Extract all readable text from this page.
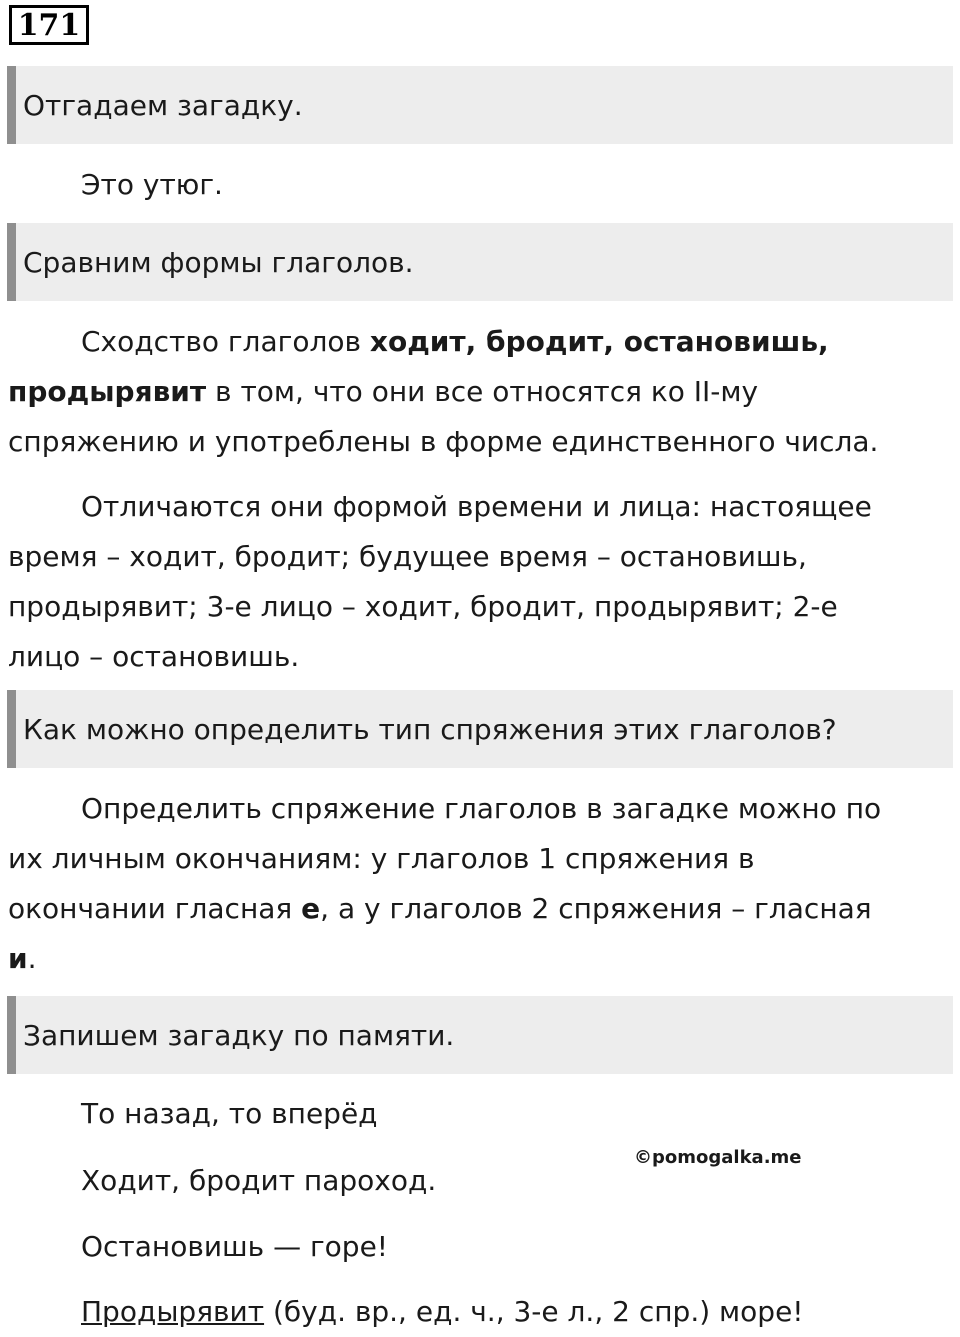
171
Отгадаем загадку.
Это утюг.
Сравним формы глаголов.

Сходство глаголов ходит, бродит, остановишь,

продырявит в том, что они все относятся ко II-му

спряжению и употреблены в форме единственного числа.

Отличаются они формой времени и лица: настоящее

время – ходит, бродит; будущее время – остановишь,

продырявит; 3-е лицо – ходит, бродит, продырявит; 2-е

лицо – остановишь.

Как можно определить тип спряжения этих глаголов?

Определить спряжение глаголов в загадке можно по

их личным окончаниям: у глаголов 1 спряжения в

окончании гласная е, а у глаголов 2 спряжения – гласная

и.

Запишем загадку по памяти.
То назад, то вперёд
Ходит, бродит пароход.
Остановишь — горе!
Продырявит (буд. вр., ед. ч., 3-е л., 2 спр.) море!
©pomogalka.me
